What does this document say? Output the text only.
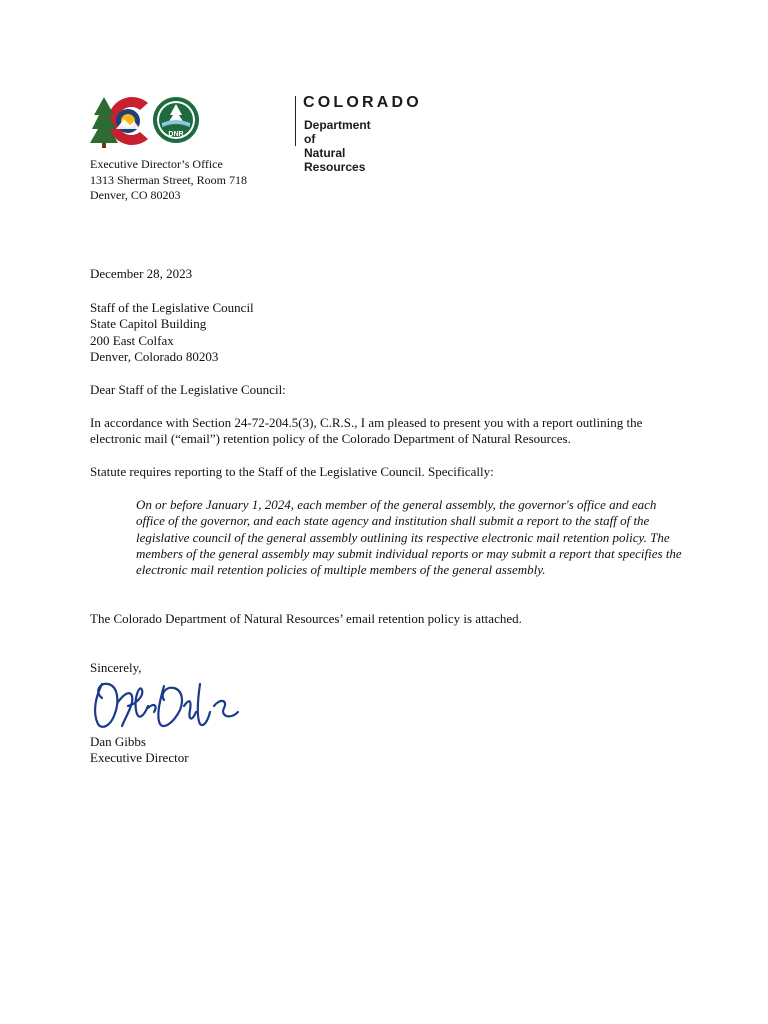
DNR
COLORADO
Department of
Natural Resources
Executive Director’s Office
1313 Sherman Street, Room 718
Denver, CO 80203
December 28, 2023
Staff of the Legislative Council
State Capitol Building
200 East Colfax
Denver, Colorado 80203
Dear Staff of the Legislative Council:
In accordance with Section 24-72-204.5(3), C.R.S., I am pleased to present you with a report outlining the electronic mail (“email”) retention policy of the Colorado Department of Natural Resources.
Statute requires reporting to the Staff of the Legislative Council. Specifically:
On or before January 1, 2024, each member of the general assembly, the governor's office and each office of the governor, and each state agency and institution shall submit a report to the staff of the legislative council of the general assembly outlining its respective electronic mail retention policy. The members of the general assembly may submit individual reports or may submit a report that specifies the electronic mail retention policies of multiple members of the general assembly.
The Colorado Department of Natural Resources’ email retention policy is attached.
Sincerely,
Dan Gibbs
Executive Director
